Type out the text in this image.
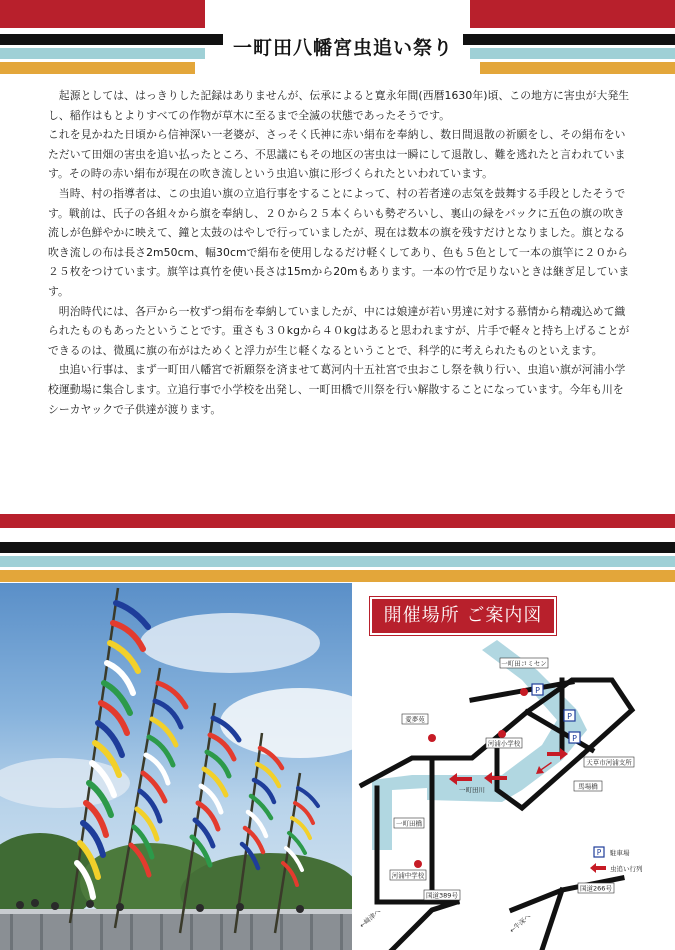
一町田八幡宮虫追い祭り

起源としては、はっきりした記録はありませんが、伝承によると寛永年間(西暦1630年)頃、この地方に害虫が大発生し、稲作はもとよりすべての作物が草木に至るまで全滅の状態であったそうです。

これを見かねた日頃から信神深い一老婆が、さっそく氏神に赤い絹布を奉納し、数日間退散の祈願をし、その絹布をいただいて田畑の害虫を追い払ったところ、不思議にもその地区の害虫は一瞬にして退散し、難を逃れたと言われています。その時の赤い絹布が現在の吹き流しという虫追い旗に形づくられたといわれています。

当時、村の指導者は、この虫追い旗の立追行事をすることによって、村の若者達の志気を鼓舞する手段としたそうです。戦前は、氏子の各組々から旗を奉納し、２０から２５本くらいも勢ぞろいし、裏山の緑をバックに五色の旗の吹き流しが色鮮やかに映えて、鐘と太鼓のはやしで行っていましたが、現在は数本の旗を残すだけとなりました。旗となる吹き流しの布は長さ2m50cm、幅30cmで絹布を使用しなるだけ軽くしてあり、色も５色として一本の旗竿に２０から２５枚をつけています。旗竿は真竹を使い長さは15mから20mもあります。一本の竹で足りないときは継ぎ足しています。

明治時代には、各戸から一枚ずつ絹布を奉納していましたが、中には娘達が若い男達に対する慕情から精魂込めて織られたものもあったということです。重さも３０kgから４０kgはあると思われますが、片手で軽々と持ち上げることができるのは、微風に旗の布がはためくと浮力が生じ軽くなるということで、科学的に考えられたものといえます。

虫追い行事は、まず一町田八幡宮で祈願祭を済ませて葛河内十五社宮で虫おこし祭を執り行い、虫追い旗が河浦小学校運動場に集合します。立追行事で小学校を出発し、一町田橋で川祭を行い解散することになっています。今年も川をシーカヤックで子供達が渡ります。

開催場所 ご案内図
P
P
P
一町田コミセン
愛夢苑
河浦小学校
天草市河浦支所
一町田川	馬場橋
一町田橋
河浦中学校
国道389号
国道266号
←﨑津へ	←牛深へ
P 駐車場
虫追い行列
